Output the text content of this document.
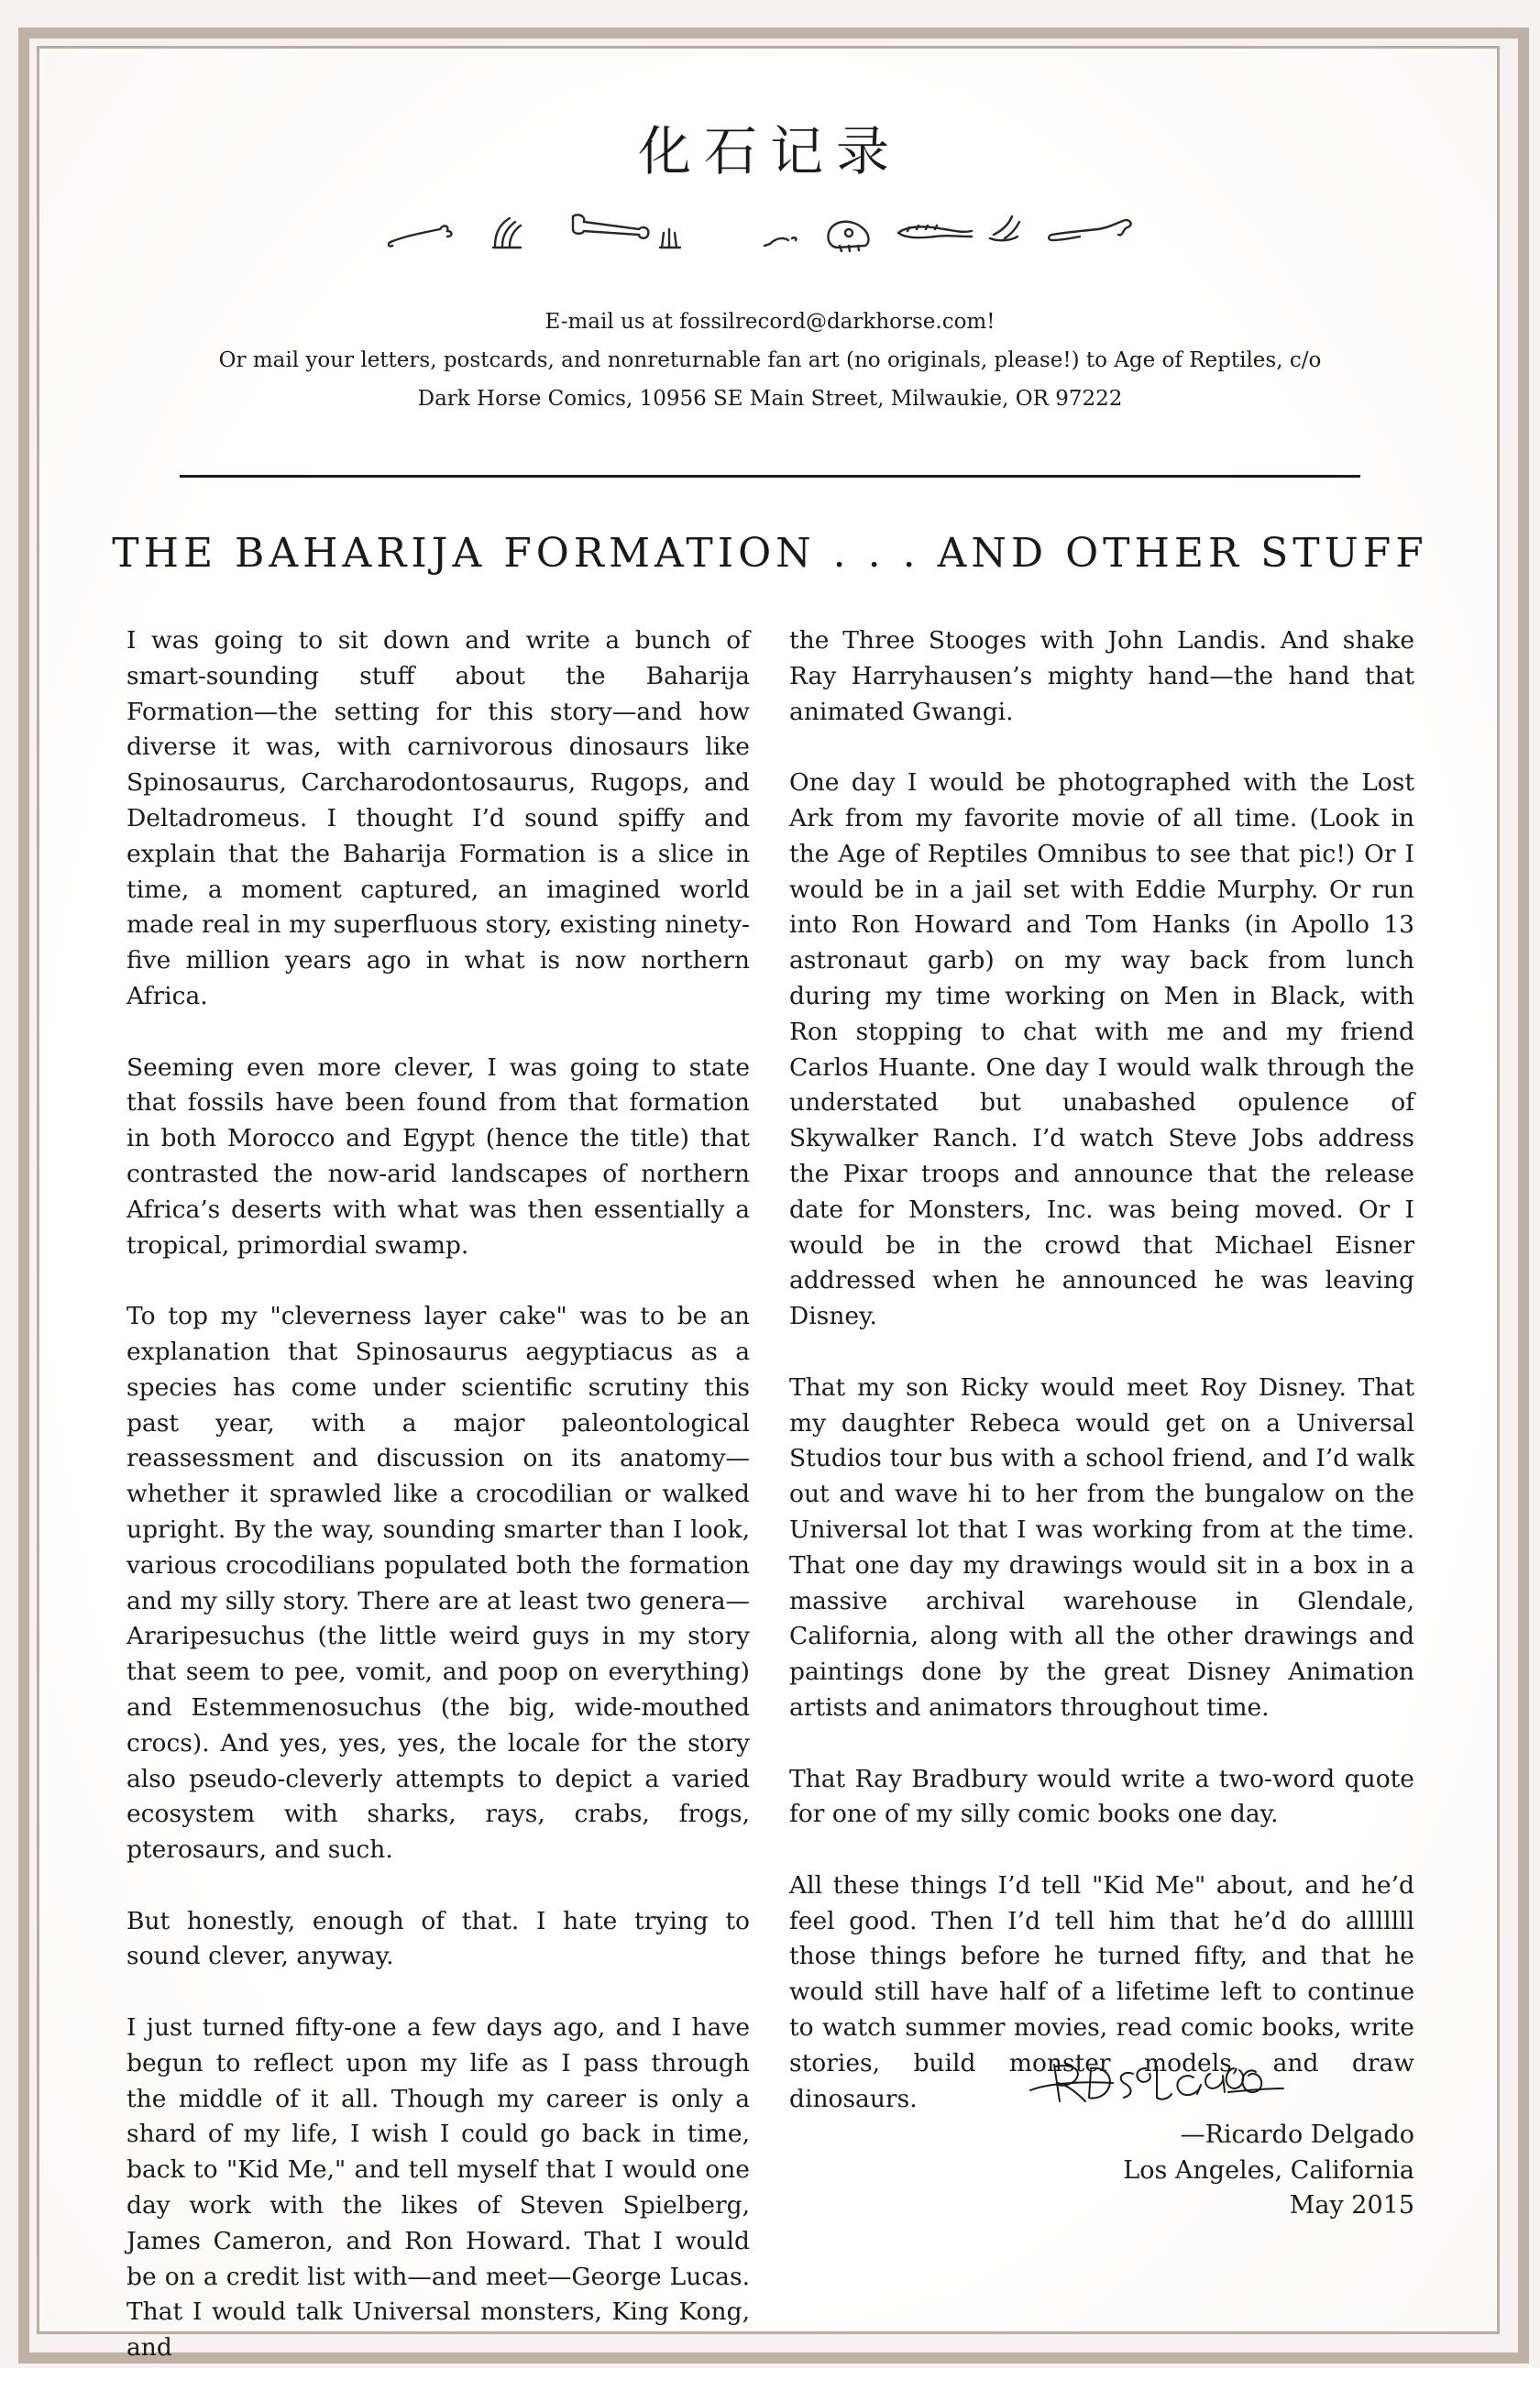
化石记录
E-mail us at fossilrecord@darkhorse.com!
Or mail your letters, postcards, and nonreturnable fan art (no originals, please!) to Age of Reptiles, c/o
Dark Horse Comics, 10956 SE Main Street, Milwaukie, OR 97222
THE BAHARIJA FORMATION . . . AND OTHER STUFF

I was going to sit down and write a bunch of smart-sounding stuff about the Baharija Formation—the setting for this story—and how diverse it was, with carnivorous dinosaurs like Spinosaurus, Carcharodontosaurus, Rugops, and Deltadromeus. I thought I’d sound spiffy and explain that the Baharija Formation is a slice in time, a moment captured, an imagined world made real in my superfluous story, existing ninety-five million years ago in what is now northern Africa.

Seeming even more clever, I was going to state that fossils have been found from that formation in both Morocco and Egypt (hence the title) that contrasted the now-arid landscapes of northern Africa’s deserts with what was then essentially a tropical, primordial swamp.

To top my "cleverness layer cake" was to be an explanation that Spinosaurus aegyptiacus as a species has come under scientific scrutiny this past year, with a major paleontological reassessment and discussion on its anatomy—whether it sprawled like a crocodilian or walked upright. By the way, sounding smarter than I look, various crocodilians populated both the formation and my silly story. There are at least two genera—Araripesuchus (the little weird guys in my story that seem to pee, vomit, and poop on everything) and Estemmenosuchus (the big, wide-mouthed crocs). And yes, yes, yes, the locale for the story also pseudo-cleverly attempts to depict a varied ecosystem with sharks, rays, crabs, frogs, pterosaurs, and such.

But honestly, enough of that. I hate trying to sound clever, anyway.

I just turned fifty-one a few days ago, and I have begun to reflect upon my life as I pass through the middle of it all. Though my career is only a shard of my life, I wish I could go back in time, back to "Kid Me," and tell myself that I would one day work with the likes of Steven Spielberg, James Cameron, and Ron Howard. That I would be on a credit list with—and meet—George Lucas. That I would talk Universal monsters, King Kong, and

the Three Stooges with John Landis. And shake Ray Harryhausen’s mighty hand—the hand that animated Gwangi.

One day I would be photographed with the Lost Ark from my favorite movie of all time. (Look in the Age of Reptiles Omnibus to see that pic!) Or I would be in a jail set with Eddie Murphy. Or run into Ron Howard and Tom Hanks (in Apollo 13 astronaut garb) on my way back from lunch during my time working on Men in Black, with Ron stopping to chat with me and my friend Carlos Huante. One day I would walk through the understated but unabashed opulence of Skywalker Ranch. I’d watch Steve Jobs address the Pixar troops and announce that the release date for Monsters, Inc. was being moved. Or I would be in the crowd that Michael Eisner addressed when he announced he was leaving Disney.

That my son Ricky would meet Roy Disney. That my daughter Rebeca would get on a Universal Studios tour bus with a school friend, and I’d walk out and wave hi to her from the bungalow on the Universal lot that I was working from at the time. That one day my drawings would sit in a box in a massive archival warehouse in Glendale, California, along with all the other drawings and paintings done by the great Disney Animation artists and animators throughout time.

That Ray Bradbury would write a two-word quote for one of my silly comic books one day.

All these things I’d tell "Kid Me" about, and he’d feel good. Then I’d tell him that he’d do alllllll those things before he turned fifty, and that he would still have half of a lifetime left to continue to watch summer movies, read comic books, write stories, build monster models, and draw dinosaurs.

—Ricardo Delgado
Los Angeles, California
May 2015
